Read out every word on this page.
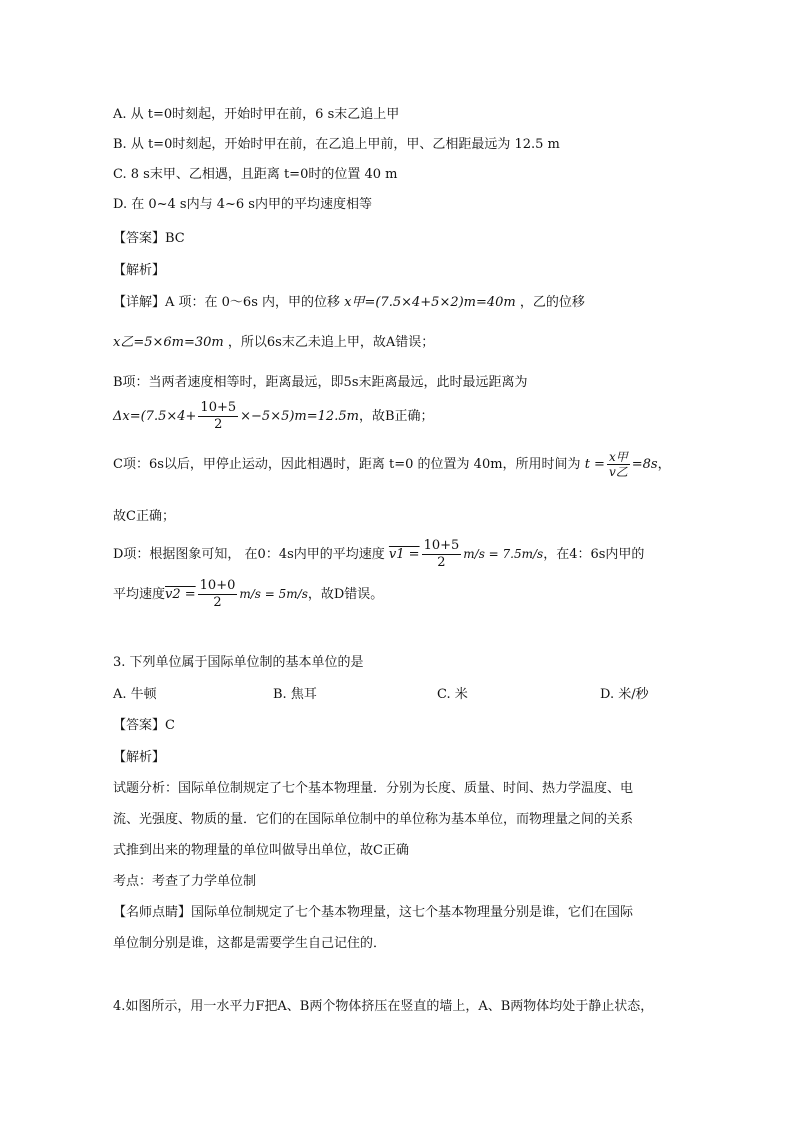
A. 从 t=0时刻起，开始时甲在前，6 s末乙追上甲
B. 从 t=0时刻起，开始时甲在前，在乙追上甲前，甲、乙相距最远为 12.5 m
C. 8 s末甲、乙相遇，且距离 t=0时的位置 40 m
D. 在 0~4 s内与 4~6 s内甲的平均速度相等
【答案】BC
【解析】
【详解】A 项：在 0～6s 内，甲的位移 x甲=(7.5×4+5×2)m=40m ，乙的位移
x乙=5×6m=30m ，所以6s末乙未追上甲，故A错误；
B项：当两者速度相等时，距离最远，即5s末距离最远，此时最远距离为
$\Delta x=(7.5\times 4+ \frac{10+5}{2} \times-5\times 5)m=12.5m$，故B正确；
C项：6s以后，甲停止运动，因此相遇时，距离 t=0 的位置为 40m，所用时间为 $t = \frac{\text{x甲}}{\text{v乙}} =8s$，
故C正确；
D项：根据图象可知， 在0：4s内甲的平均速度 $v1 = \frac{10+5}{2} m/s = 7.5m/s$，在4：6s内甲的
平均速度$v2 = \frac{10+0}{2} m/s = 5m/s$，故D错误。
3. 下列单位属于国际单位制的基本单位的是
A. 牛顿	B. 焦耳	C. 米	D. 米/秒
【答案】C
【解析】
试题分析：国际单位制规定了七个基本物理量．分别为长度、质量、时间、热力学温度、电
流、光强度、物质的量．它们的在国际单位制中的单位称为基本单位，而物理量之间的关系
式推到出来的物理量的单位叫做导出单位，故C正确
考点：考查了力学单位制
【名师点睛】国际单位制规定了七个基本物理量，这七个基本物理量分别是谁，它们在国际
单位制分别是谁，这都是需要学生自己记住的．
4.如图所示，用一水平力F把A、B两个物体挤压在竖直的墙上，A、B两物体均处于静止状态，
